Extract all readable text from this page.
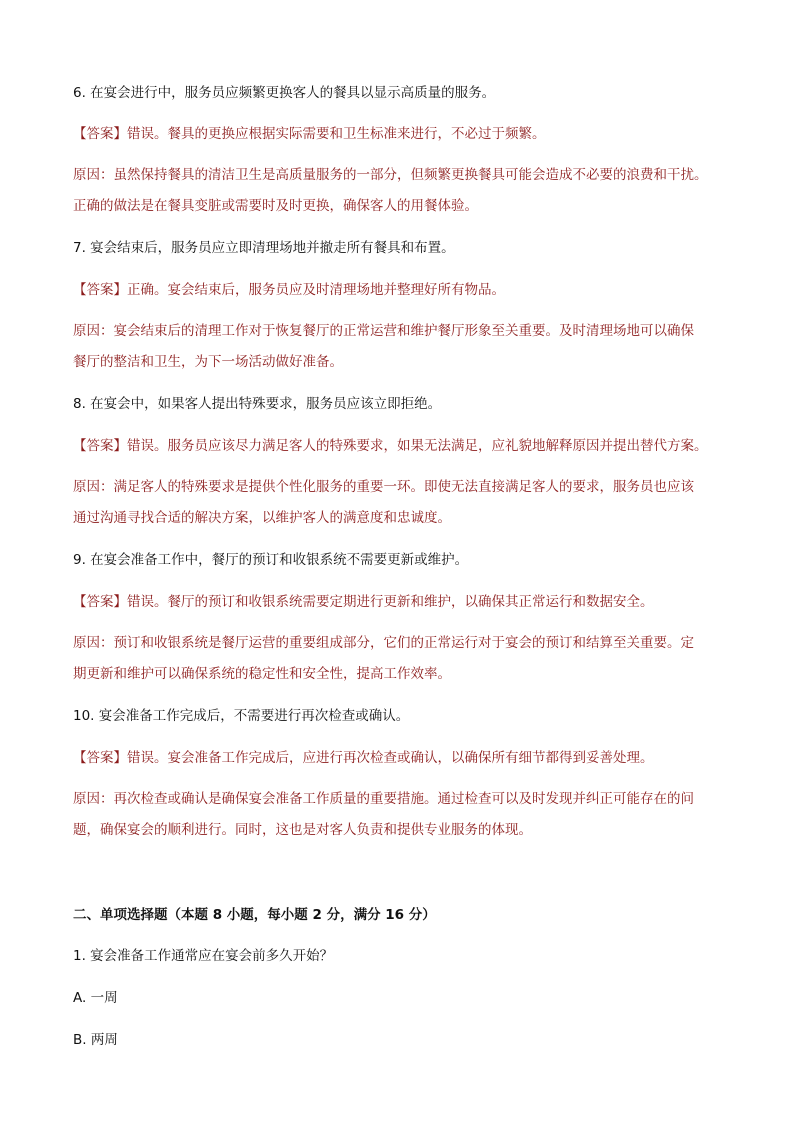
6. 在宴会进行中，服务员应频繁更换客人的餐具以显示高质量的服务。
【答案】错误。餐具的更换应根据实际需要和卫生标准来进行，不必过于频繁。
原因：虽然保持餐具的清洁卫生是高质量服务的一部分，但频繁更换餐具可能会造成不必要的浪费和干扰。
正确的做法是在餐具变脏或需要时及时更换，确保客人的用餐体验。
7. 宴会结束后，服务员应立即清理场地并撤走所有餐具和布置。
【答案】正确。宴会结束后，服务员应及时清理场地并整理好所有物品。
原因：宴会结束后的清理工作对于恢复餐厅的正常运营和维护餐厅形象至关重要。及时清理场地可以确保
餐厅的整洁和卫生，为下一场活动做好准备。
8. 在宴会中，如果客人提出特殊要求，服务员应该立即拒绝。
【答案】错误。服务员应该尽力满足客人的特殊要求，如果无法满足，应礼貌地解释原因并提出替代方案。
原因：满足客人的特殊要求是提供个性化服务的重要一环。即使无法直接满足客人的要求，服务员也应该
通过沟通寻找合适的解决方案，以维护客人的满意度和忠诚度。
9. 在宴会准备工作中，餐厅的预订和收银系统不需要更新或维护。
【答案】错误。餐厅的预订和收银系统需要定期进行更新和维护，以确保其正常运行和数据安全。
原因：预订和收银系统是餐厅运营的重要组成部分，它们的正常运行对于宴会的预订和结算至关重要。定
期更新和维护可以确保系统的稳定性和安全性，提高工作效率。
10. 宴会准备工作完成后，不需要进行再次检查或确认。
【答案】错误。宴会准备工作完成后，应进行再次检查或确认，以确保所有细节都得到妥善处理。
原因：再次检查或确认是确保宴会准备工作质量的重要措施。通过检查可以及时发现并纠正可能存在的问
题，确保宴会的顺利进行。同时，这也是对客人负责和提供专业服务的体现。
二、单项选择题（本题 8 小题，每小题 2 分，满分 16 分）
1. 宴会准备工作通常应在宴会前多久开始？
A. 一周
B. 两周
